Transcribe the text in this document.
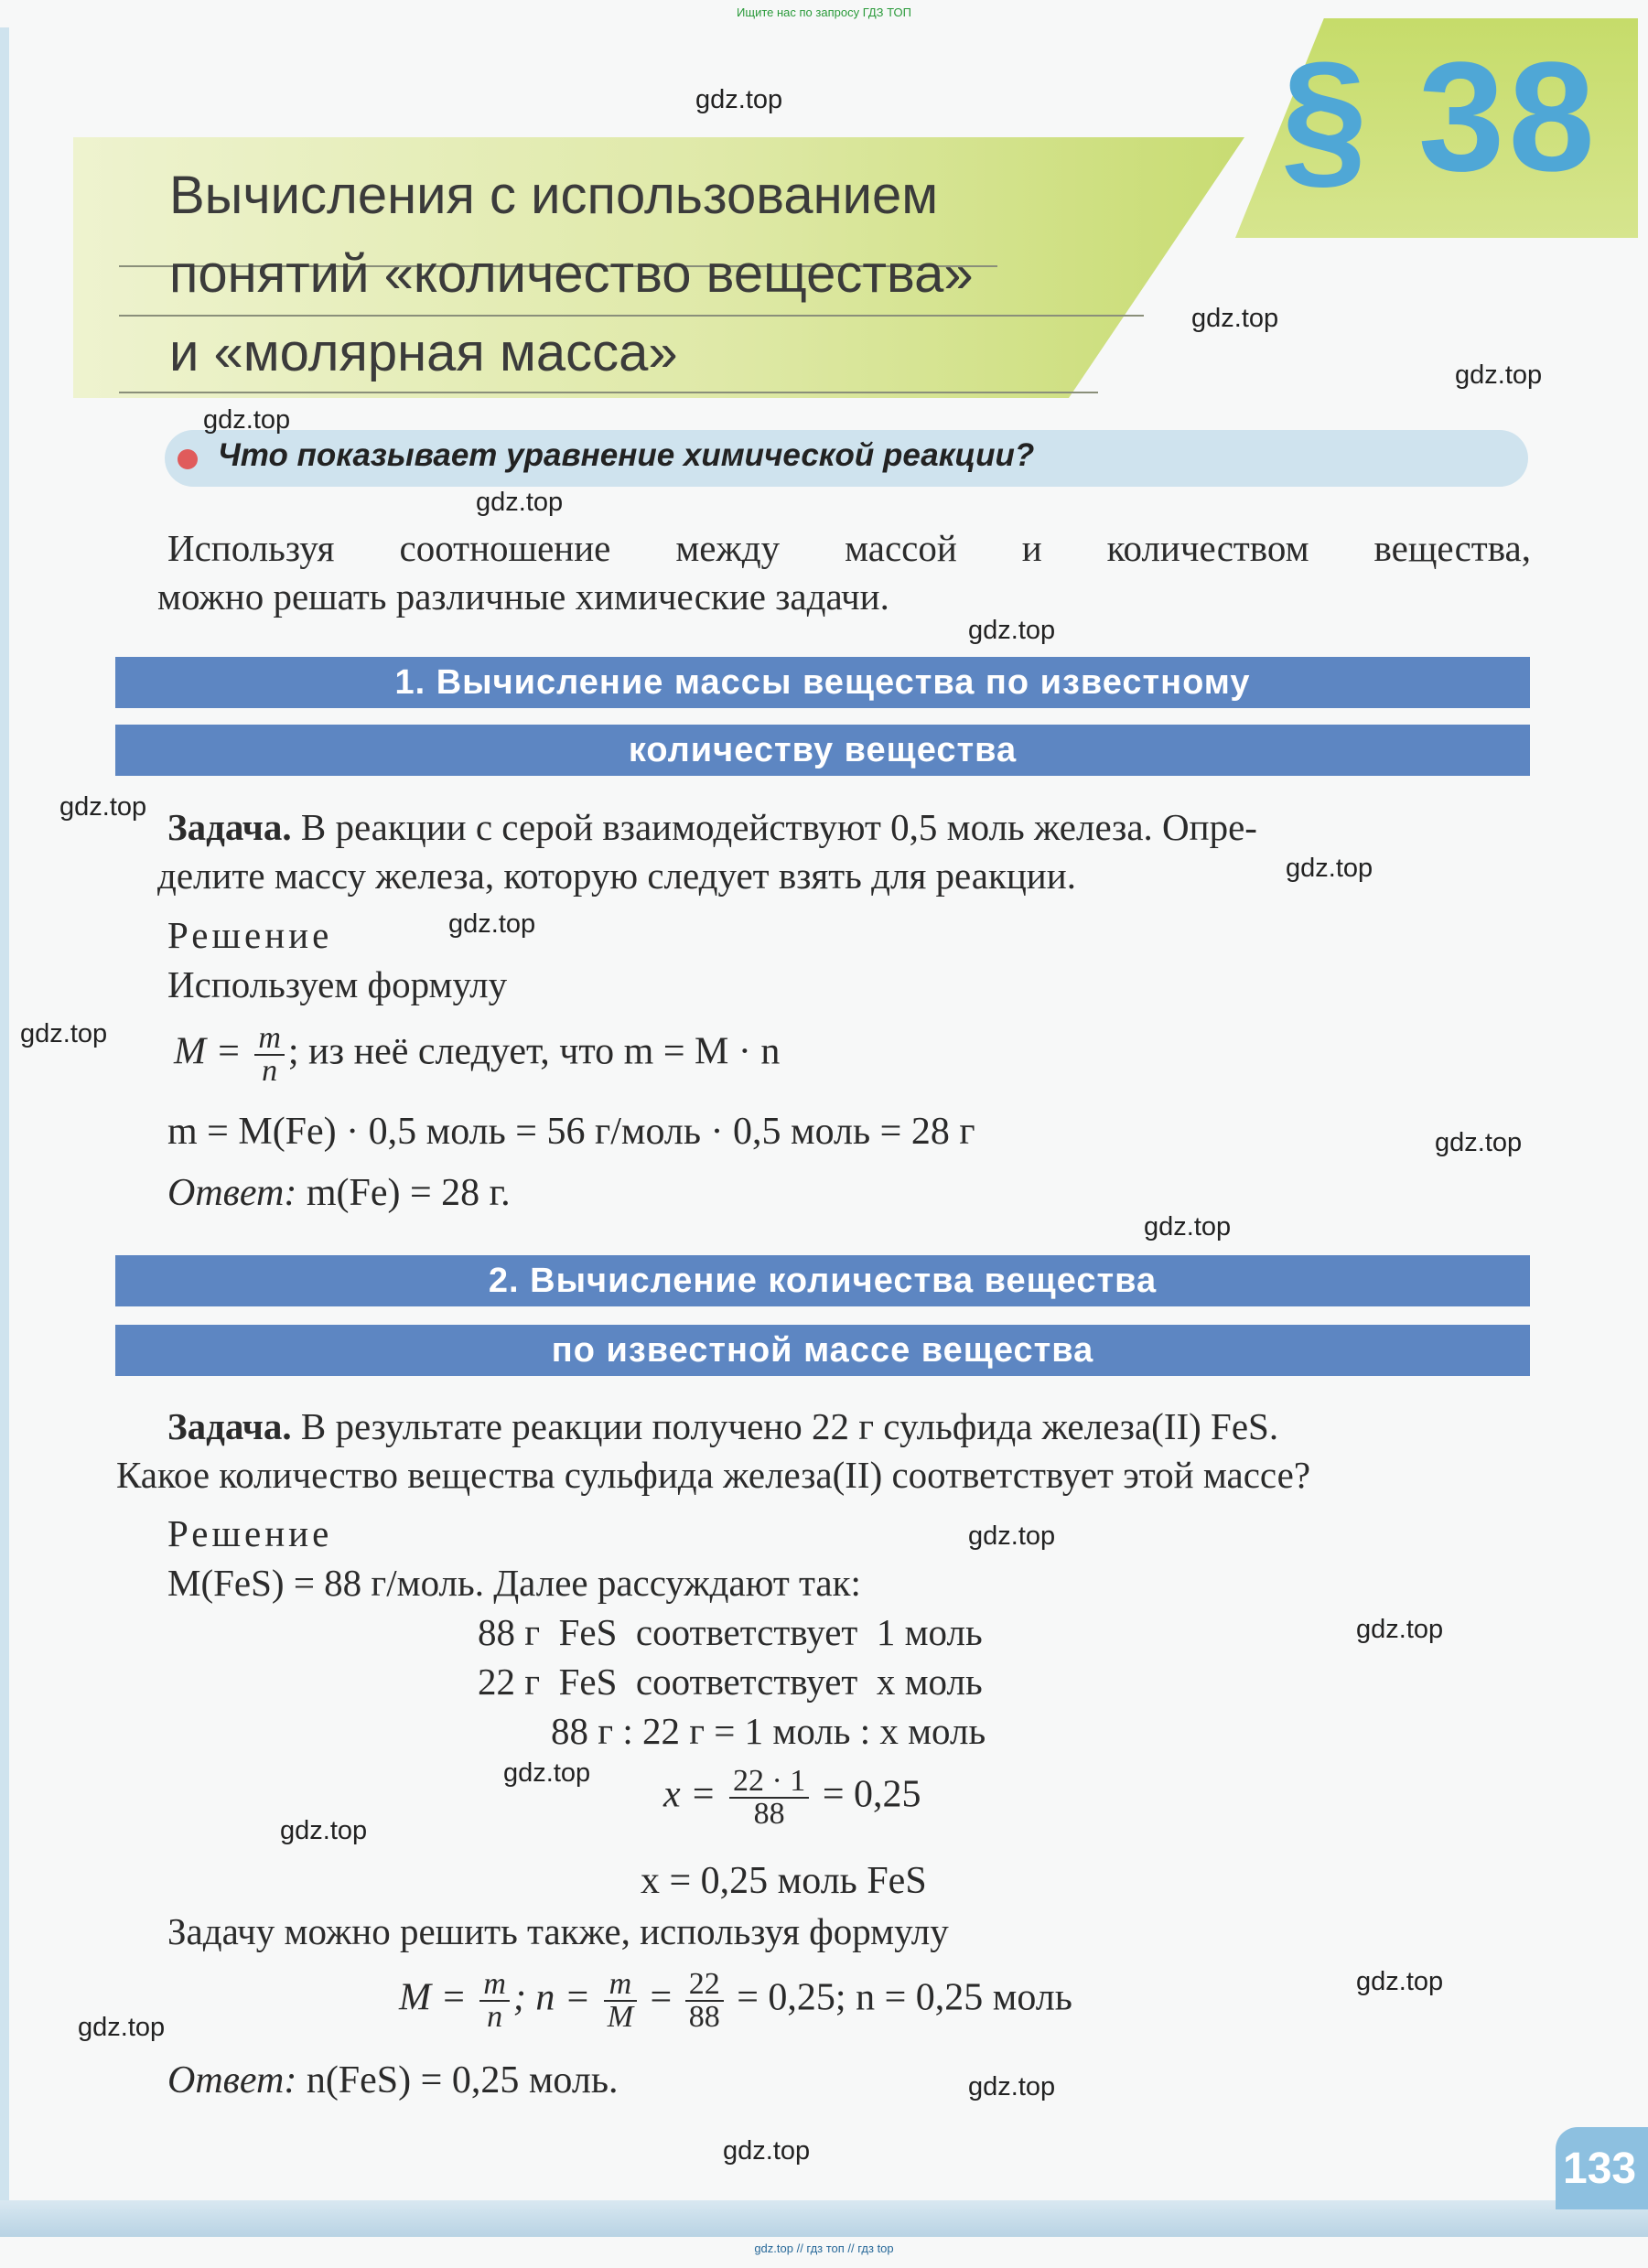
Ищите нас по запросу ГДЗ ТОП
§ 38
Вычисления с использованием
понятий «количество вещества»
и «молярная масса»
Что показывает уравнение химической реакции?
Используя соотношение между массой и количеством вещества,
можно решать различные химические задачи.
1. Вычисление массы вещества по известному
количеству вещества
Задача. В реакции с серой взаимодействуют 0,5 моль железа. Опре-
делите массу железа, которую следует взять для реакции.
Решение
Используем формулу
$M = \frac{m}{n}$ ; из неё следует, что m = M · n
m = M(Fe) · 0,5 моль = 56 г/моль · 0,5 моль = 28 г
Ответ: m(Fe) = 28 г.
2. Вычисление количества вещества
по известной массе вещества
Задача. В результате реакции получено 22 г сульфида железа(II) FeS.
Какое количество вещества сульфида железа(II) соответствует этой массе?
Решение
M(FeS) = 88 г/моль. Далее рассуждают так:
88 г  FeS  соответствует  1 моль
22 г  FeS  соответствует  x моль
88 г : 22 г = 1 моль : x моль
$x = \frac{22 \cdot 1}{88} = 0,25$
x = 0,25 моль FeS
Задачу можно решить также, используя формулу
$M = \frac{m}{n}$ ; $n = \frac{m}{M} = \frac{22}{88} = 0,25$; n = 0,25 моль
Ответ: n(FeS) = 0,25 моль.
133
gdz.top // гдз топ // гдз top
gdz.top
gdz.top
gdz.top
gdz.top
gdz.top
gdz.top
gdz.top
gdz.top
gdz.top
gdz.top
gdz.top
gdz.top
gdz.top
gdz.top
gdz.top
gdz.top
gdz.top
gdz.top
gdz.top
gdz.top
